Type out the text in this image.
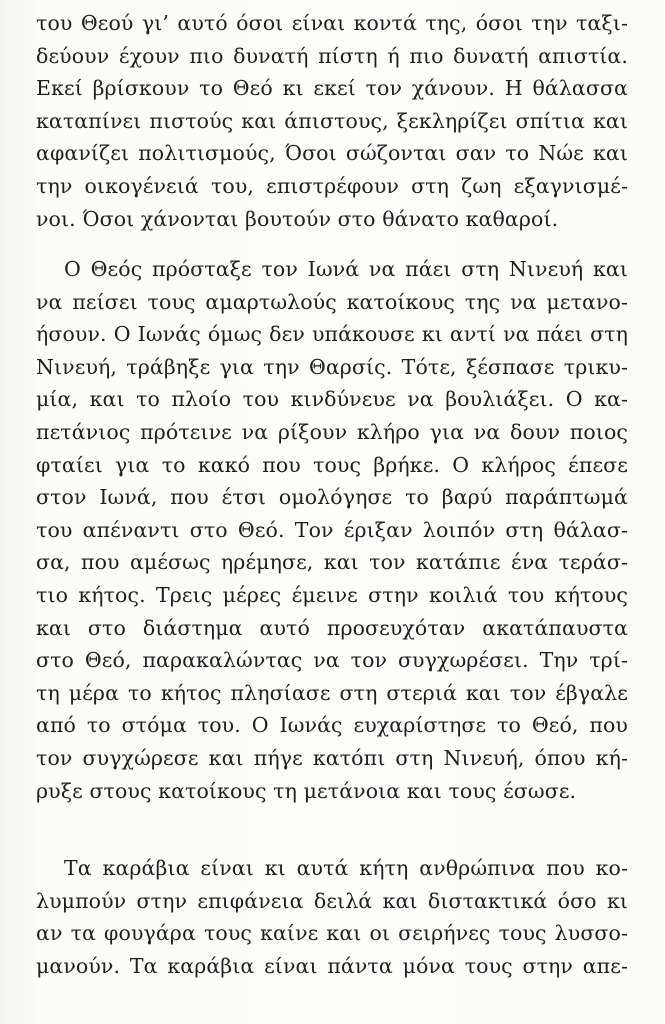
του Θεού γι’ αυτό όσοι είναι κοντά της, όσοι την ταξι-
δεύουν έχουν πιο δυνατή πίστη ή πιο δυνατή απιστία.
Εκεί βρίσκουν το Θεό κι εκεί τον χάνουν. Η θάλασσα
καταπίνει πιστούς και άπιστους, ξεκληρίζει σπίτια και
αφανίζει πολιτισμούς, Όσοι σώζονται σαν το Νώε και
την οικογένειά του, επιστρέφουν στη ζωη εξαγνισμέ-
νοι. Όσοι χάνονται βουτούν στο θάνατο καθαροί.
Ο Θεός πρόσταξε τον Ιωνά να πάει στη Νινευή και
να πείσει τους αμαρτωλούς κατοίκους της να μετανο-
ήσουν. Ο Ιωνάς όμως δεν υπάκουσε κι αντί να πάει στη
Νινευή, τράβηξε για την Θαρσίς. Τότε, ξέσπασε τρικυ-
μία, και το πλοίο του κινδύνευε να βουλιάξει. Ο κα-
πετάνιος πρότεινε να ρίξουν κλήρο για να δουν ποιος
φταίει για το κακό που τους βρήκε. Ο κλήρος έπεσε
στον Ιωνά, που έτσι ομολόγησε το βαρύ παράπτωμά
του απέναντι στο Θεό. Τον έριξαν λοιπόν στη θάλασ-
σα, που αμέσως ηρέμησε, και τον κατάπιε ένα τεράσ-
τιο κήτος. Τρεις μέρες έμεινε στην κοιλιά του κήτους
και στο διάστημα αυτό προσευχόταν ακατάπαυστα
στο Θεό, παρακαλώντας να τον συγχωρέσει. Την τρί-
τη μέρα το κήτος πλησίασε στη στεριά και τον έβγαλε
από το στόμα του. Ο Ιωνάς ευχαρίστησε το Θεό, που
τον συγχώρεσε και πήγε κατόπι στη Νινευή, όπου κή-
ρυξε στους κατοίκους τη μετάνοια και τους έσωσε.
Τα καράβια είναι κι αυτά κήτη ανθρώπινα που κο-
λυμπούν στην επιφάνεια δειλά και διστακτικά όσο κι
αν τα φουγάρα τους καίνε και οι σειρήνες τους λυσσο-
μανούν. Τα καράβια είναι πάντα μόνα τους στην απε-
